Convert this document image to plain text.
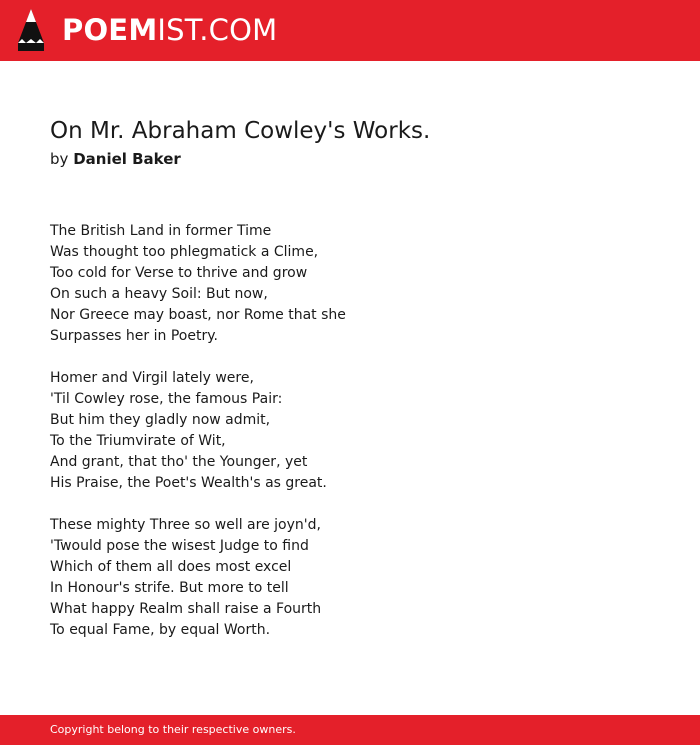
POEMIST.COM
On Mr. Abraham Cowley's Works.
by Daniel Baker
The British Land in former Time
Was thought too phlegmatick a Clime,
Too cold for Verse to thrive and grow
On such a heavy Soil: But now,
Nor Greece may boast, nor Rome that she
Surpasses her in Poetry.
Homer and Virgil lately were,
'Til Cowley rose, the famous Pair:
But him they gladly now admit,
To the Triumvirate of Wit,
And grant, that tho' the Younger, yet
His Praise, the Poet's Wealth's as great.
These mighty Three so well are joyn'd,
'Twould pose the wisest Judge to find
Which of them all does most excel
In Honour's strife. But more to tell
What happy Realm shall raise a Fourth
To equal Fame, by equal Worth.
Copyright belong to their respective owners.
